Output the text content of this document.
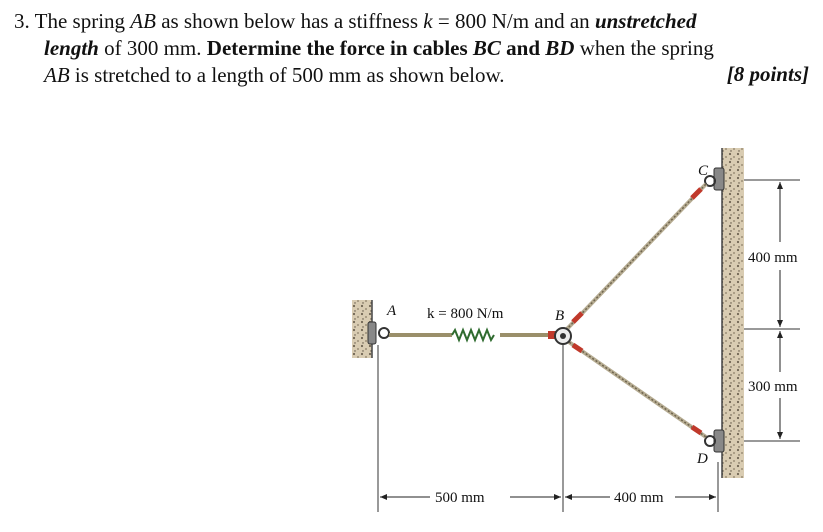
3. The spring AB as shown below has a stiffness k = 800 N/m and an unstretched
length of 300 mm. Determine the force in cables BC and BD when the spring
AB is stretched to a length of 500 mm as shown below.	[8 points]
A	B
C
D
k = 800 N/m
500 mm	400 mm
400 mm
300 mm
